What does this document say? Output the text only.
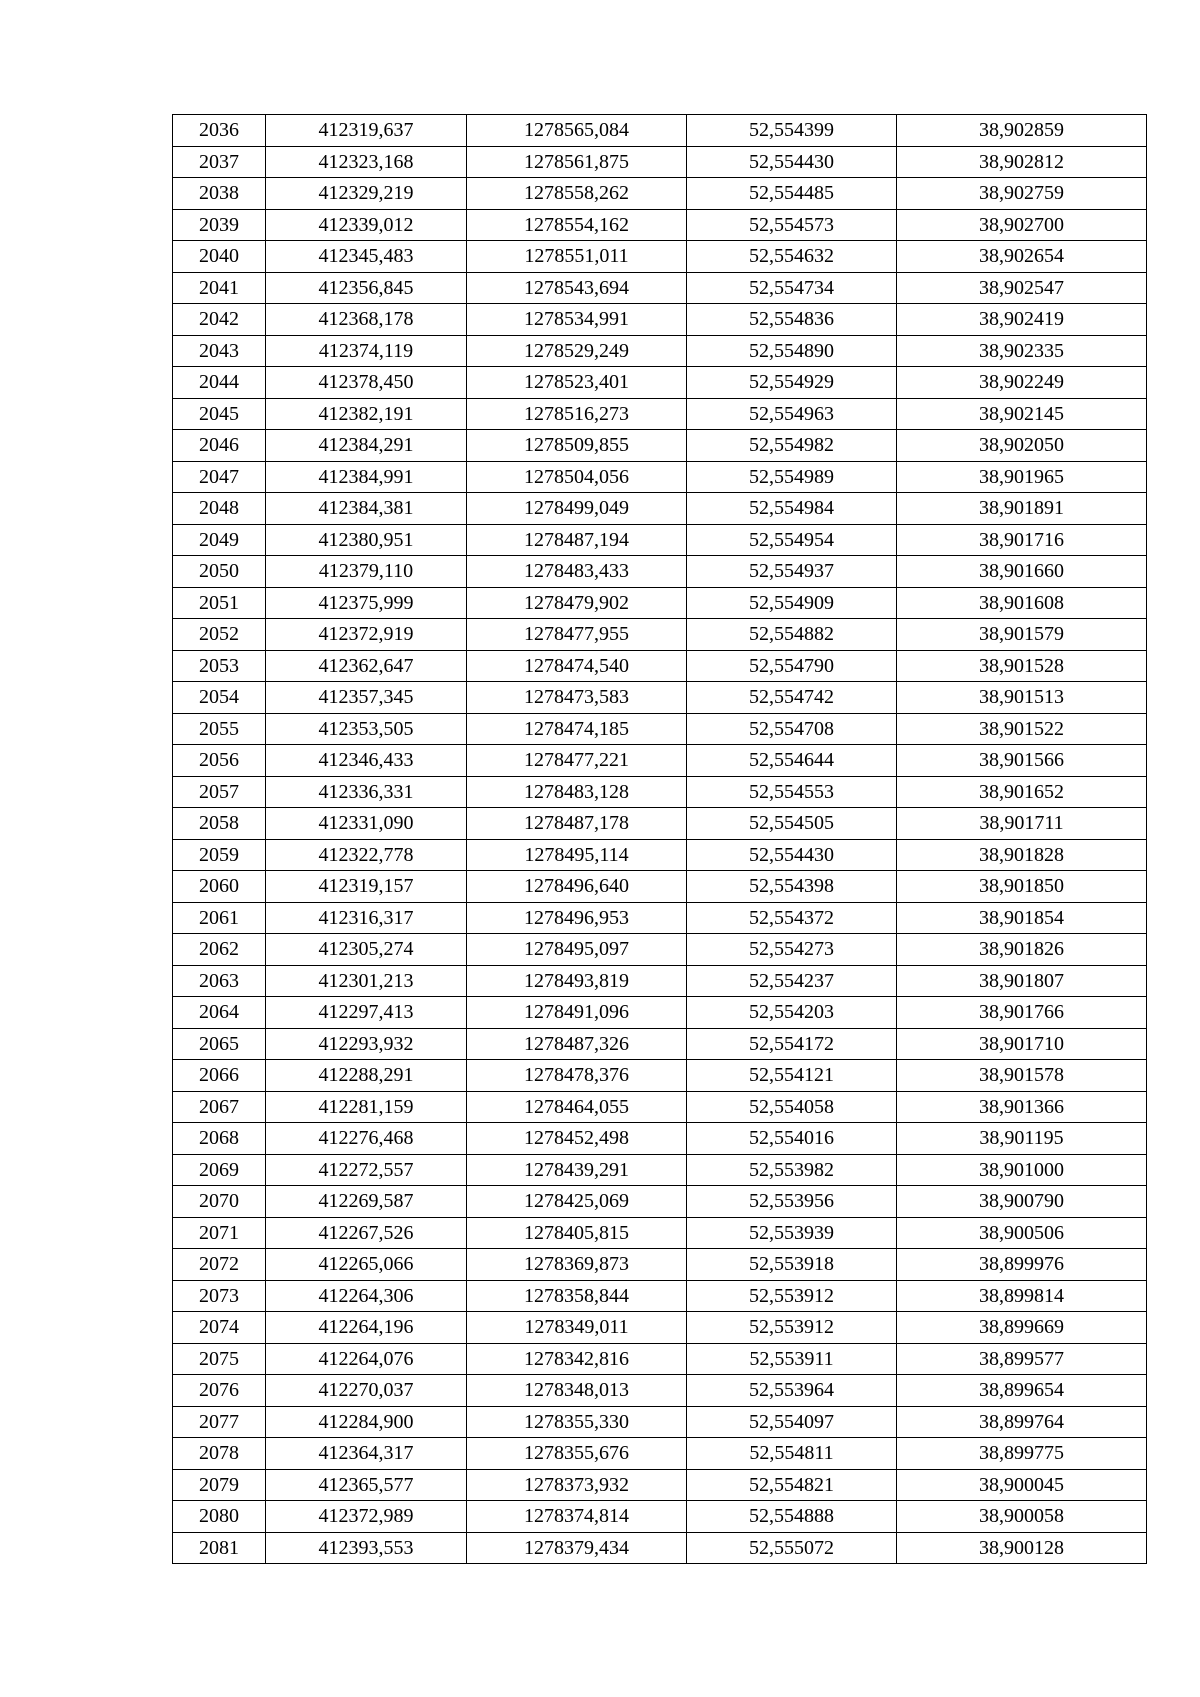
2036	412319,637	1278565,084	52,554399	38,902859
2037	412323,168	1278561,875	52,554430	38,902812
2038	412329,219	1278558,262	52,554485	38,902759
2039	412339,012	1278554,162	52,554573	38,902700
2040	412345,483	1278551,011	52,554632	38,902654
2041	412356,845	1278543,694	52,554734	38,902547
2042	412368,178	1278534,991	52,554836	38,902419
2043	412374,119	1278529,249	52,554890	38,902335
2044	412378,450	1278523,401	52,554929	38,902249
2045	412382,191	1278516,273	52,554963	38,902145
2046	412384,291	1278509,855	52,554982	38,902050
2047	412384,991	1278504,056	52,554989	38,901965
2048	412384,381	1278499,049	52,554984	38,901891
2049	412380,951	1278487,194	52,554954	38,901716
2050	412379,110	1278483,433	52,554937	38,901660
2051	412375,999	1278479,902	52,554909	38,901608
2052	412372,919	1278477,955	52,554882	38,901579
2053	412362,647	1278474,540	52,554790	38,901528
2054	412357,345	1278473,583	52,554742	38,901513
2055	412353,505	1278474,185	52,554708	38,901522
2056	412346,433	1278477,221	52,554644	38,901566
2057	412336,331	1278483,128	52,554553	38,901652
2058	412331,090	1278487,178	52,554505	38,901711
2059	412322,778	1278495,114	52,554430	38,901828
2060	412319,157	1278496,640	52,554398	38,901850
2061	412316,317	1278496,953	52,554372	38,901854
2062	412305,274	1278495,097	52,554273	38,901826
2063	412301,213	1278493,819	52,554237	38,901807
2064	412297,413	1278491,096	52,554203	38,901766
2065	412293,932	1278487,326	52,554172	38,901710
2066	412288,291	1278478,376	52,554121	38,901578
2067	412281,159	1278464,055	52,554058	38,901366
2068	412276,468	1278452,498	52,554016	38,901195
2069	412272,557	1278439,291	52,553982	38,901000
2070	412269,587	1278425,069	52,553956	38,900790
2071	412267,526	1278405,815	52,553939	38,900506
2072	412265,066	1278369,873	52,553918	38,899976
2073	412264,306	1278358,844	52,553912	38,899814
2074	412264,196	1278349,011	52,553912	38,899669
2075	412264,076	1278342,816	52,553911	38,899577
2076	412270,037	1278348,013	52,553964	38,899654
2077	412284,900	1278355,330	52,554097	38,899764
2078	412364,317	1278355,676	52,554811	38,899775
2079	412365,577	1278373,932	52,554821	38,900045
2080	412372,989	1278374,814	52,554888	38,900058
2081	412393,553	1278379,434	52,555072	38,900128
